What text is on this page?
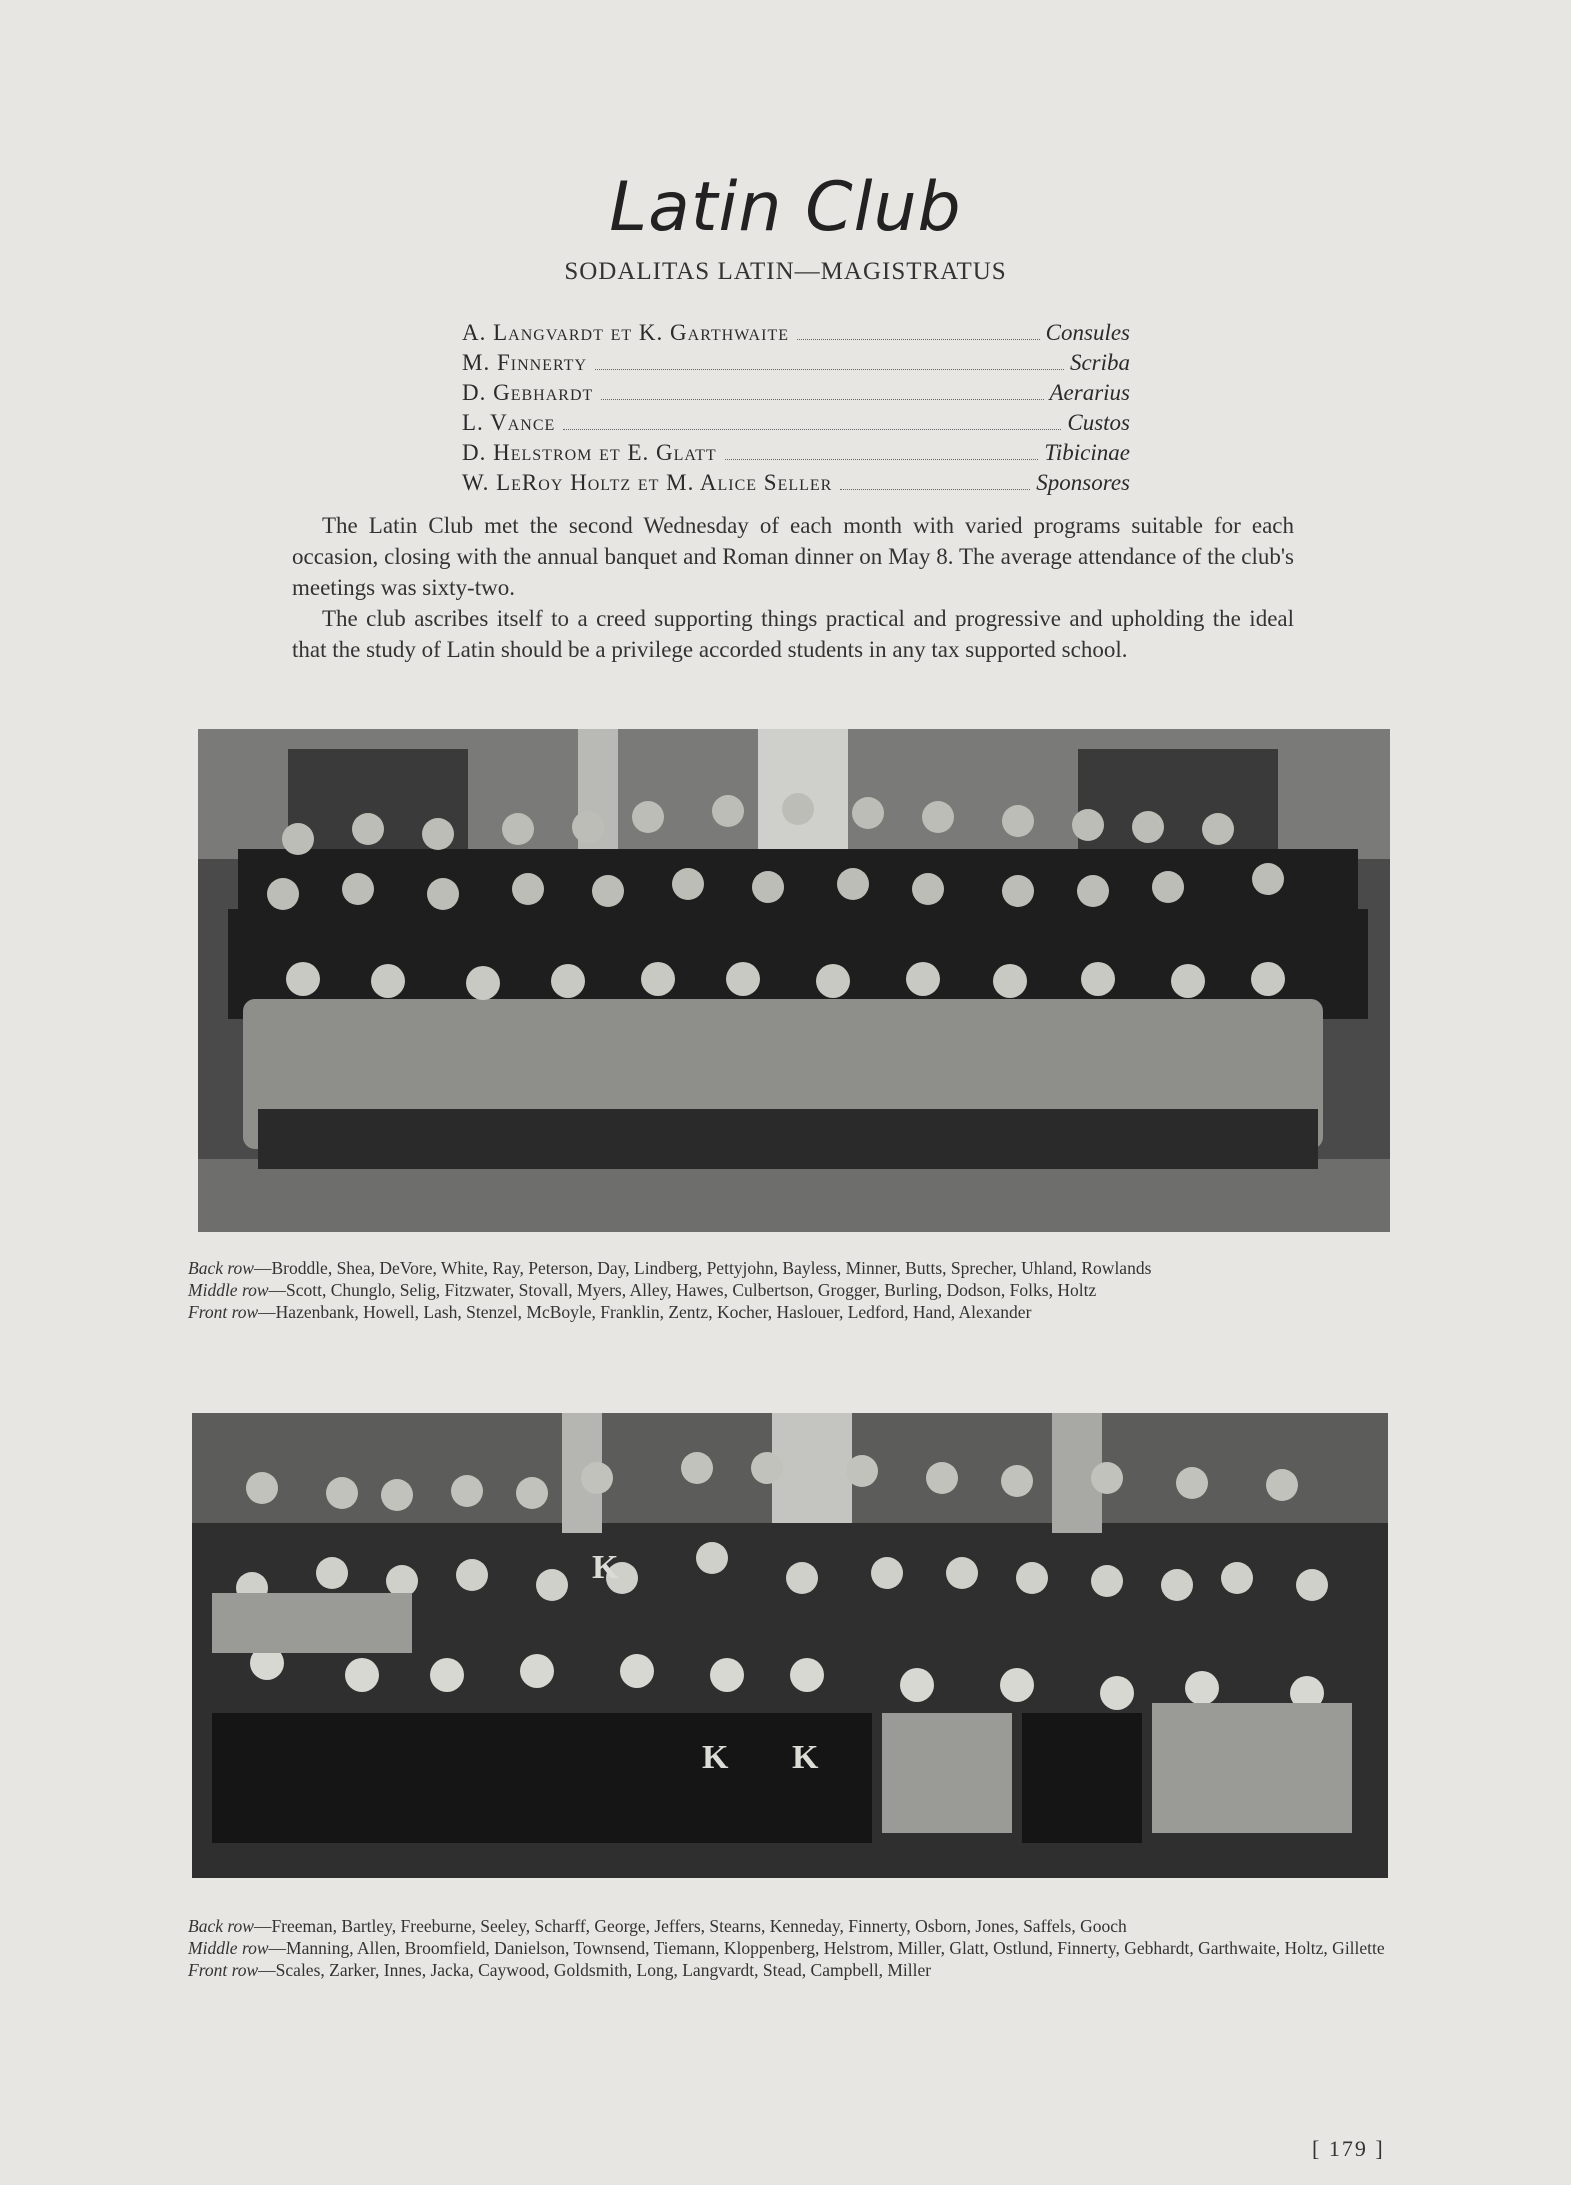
Latin Club
SODALITAS LATIN—MAGISTRATUS
A. Langvardt et K. Garthwaite	Consules
M. Finnerty	Scriba
D. Gebhardt	Aerarius
L. Vance	Custos
D. Helstrom et E. Glatt	Tibicinae
W. LeRoy Holtz et M. Alice Seller	Sponsores

The Latin Club met the second Wednesday of each month with varied programs suitable for each occasion, closing with the annual banquet and Roman dinner on May 8. The average attendance of the club's meetings was sixty-two.

The club ascribes itself to a creed supporting things practical and progressive and upholding the ideal that the study of Latin should be a privilege accorded students in any tax supported school.

Back row—Broddle, Shea, DeVore, White, Ray, Peterson, Day, Lindberg, Pettyjohn, Bayless, Minner, Butts, Sprecher, Uhland, Rowlands
Middle row—Scott, Chunglo, Selig, Fitzwater, Stovall, Myers, Alley, Hawes, Culbertson, Grogger, Burling, Dodson, Folks, Holtz
Front row—Hazenbank, Howell, Lash, Stenzel, McBoyle, Franklin, Zentz, Kocher, Haslouer, Ledford, Hand, Alexander
K K
K
Back row—Freeman, Bartley, Freeburne, Seeley, Scharff, George, Jeffers, Stearns, Kenneday, Finnerty, Osborn, Jones, Saffels, Gooch
Middle row—Manning, Allen, Broomfield, Danielson, Townsend, Tiemann, Kloppenberg, Helstrom, Miller, Glatt, Ostlund, Finnerty, Gebhardt, Garthwaite, Holtz, Gillette
Front row—Scales, Zarker, Innes, Jacka, Caywood, Goldsmith, Long, Langvardt, Stead, Campbell, Miller
[ 179 ]
